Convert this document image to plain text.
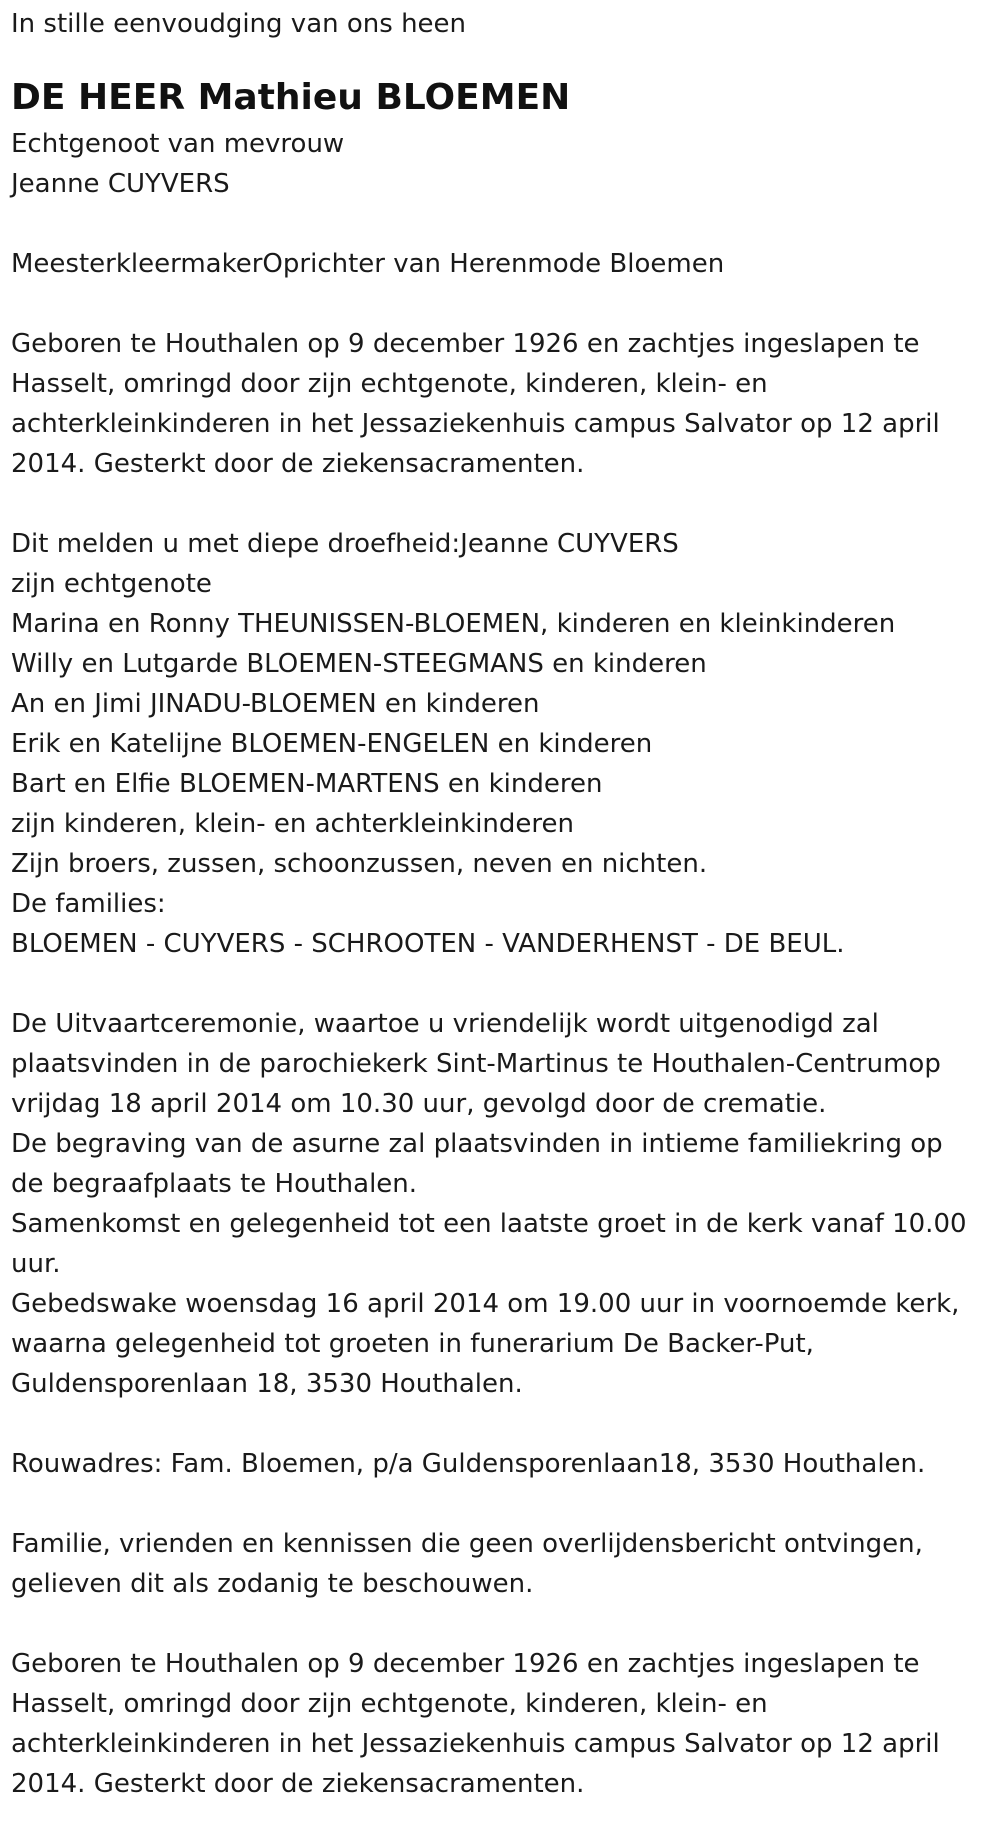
In stille eenvoudging van ons heen

DE HEER Mathieu BLOEMEN
Echtgenoot van mevrouw
Jeanne CUYVERS
MeesterkleermakerOprichter van Herenmode Bloemen
Geboren te Houthalen op 9 december 1926 en zachtjes ingeslapen te
Hasselt, omringd door zijn echtgenote, kinderen, klein- en
achterkleinkinderen in het Jessaziekenhuis campus Salvator op 12 april
2014. Gesterkt door de ziekensacramenten.
Dit melden u met diepe droefheid:Jeanne CUYVERS
zijn echtgenote
Marina en Ronny THEUNISSEN-BLOEMEN, kinderen en kleinkinderen
Willy en Lutgarde BLOEMEN-STEEGMANS en kinderen
An en Jimi JINADU-BLOEMEN en kinderen
Erik en Katelijne BLOEMEN-ENGELEN en kinderen
Bart en Elfie BLOEMEN-MARTENS en kinderen
zijn kinderen, klein- en achterkleinkinderen
Zijn broers, zussen, schoonzussen, neven en nichten.
De families:
BLOEMEN - CUYVERS - SCHROOTEN - VANDERHENST - DE BEUL.
De Uitvaartceremonie, waartoe u vriendelijk wordt uitgenodigd zal
plaatsvinden in de parochiekerk Sint-Martinus te Houthalen-Centrumop
vrijdag 18 april 2014 om 10.30 uur, gevolgd door de crematie.
De begraving van de asurne zal plaatsvinden in intieme familiekring op
de begraafplaats te Houthalen.
Samenkomst en gelegenheid tot een laatste groet in de kerk vanaf 10.00
uur.
Gebedswake woensdag 16 april 2014 om 19.00 uur in voornoemde kerk,
waarna gelegenheid tot groeten in funerarium De Backer-Put,
Guldensporenlaan 18, 3530 Houthalen.
Rouwadres: Fam. Bloemen, p/a Guldensporenlaan18, 3530 Houthalen.
Familie, vrienden en kennissen die geen overlijdensbericht ontvingen,
gelieven dit als zodanig te beschouwen.
Geboren te Houthalen op 9 december 1926 en zachtjes ingeslapen te
Hasselt, omringd door zijn echtgenote, kinderen, klein- en
achterkleinkinderen in het Jessaziekenhuis campus Salvator op 12 april
2014. Gesterkt door de ziekensacramenten.
